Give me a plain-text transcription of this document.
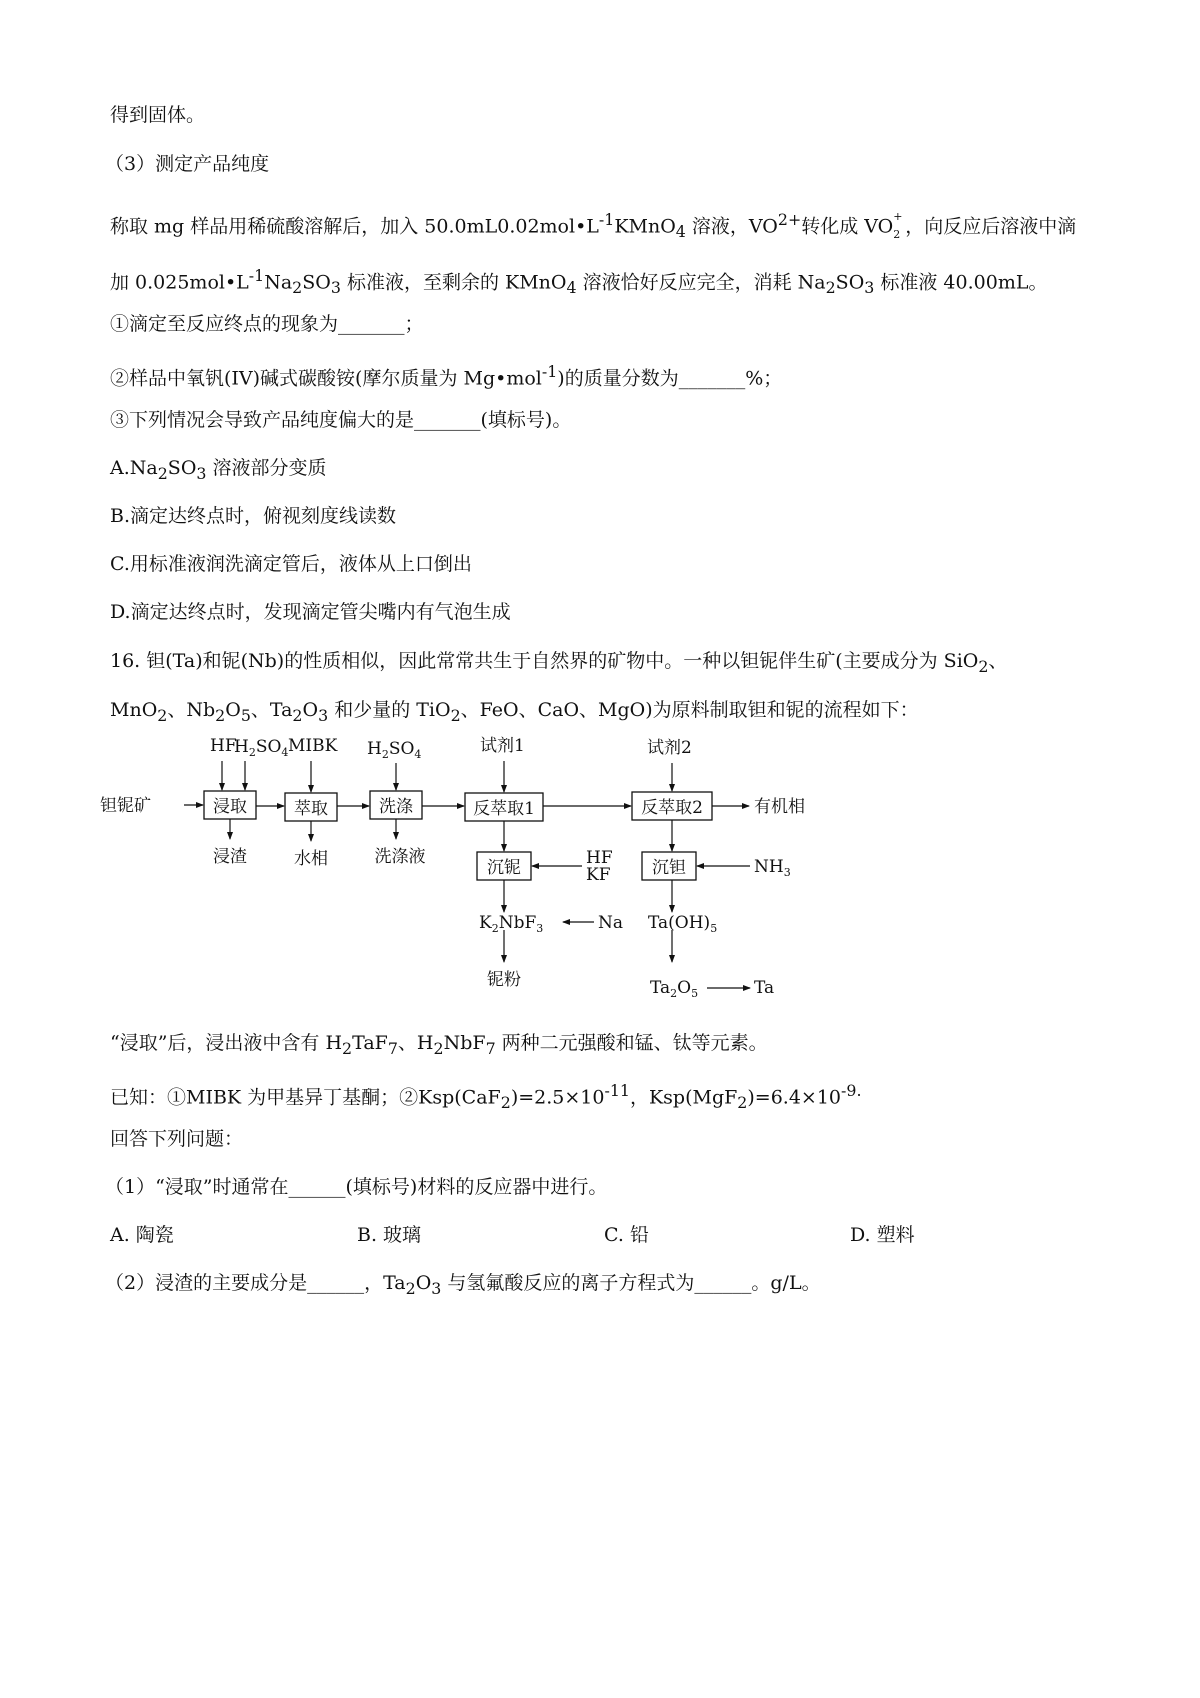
得到固体。
（3）测定产品纯度
称取 mg 样品用稀硫酸溶解后，加入 $50.0mL0.02mol•L^{-1}KMnO_4$ 溶液，$VO^{2+}$转化成 VO +
2 ，向反应后溶液中滴
加 $0.025mol•L^{-1}Na_2SO_3$ 标准液，至剩余的 KMnO$_4$ 溶液恰好反应完全，消耗 $Na_2SO_3$ 标准液 40.00mL。
①滴定至反应终点的现象为_______；
②样品中氧钒(IV)碱式碳酸铵(摩尔质量为 Mg•mol$^{-1}$)的质量分数为_______%；
③下列情况会导致产品纯度偏大的是_______(填标号)。
$A.Na_2SO_3$ 溶液部分变质
B.滴定达终点时，俯视刻度线读数
C.用标准液润洗滴定管后，液体从上口倒出
D.滴定达终点时，发现滴定管尖嘴内有气泡生成
16. 钽(Ta)和铌(Nb)的性质相似，因此常常共生于自然界的矿物中。一种以钽铌伴生矿(主要成分为 SiO$_2$、
MnO$_2$、$Nb_2O_5$、$Ta_2O_3$ 和少量的 TiO$_2$、FeO、CaO、MgO)为原料制取钽和铌的流程如下：
钽铌矿
HF
$H_2SO_4$ MIBK $H_2SO_4$	试剂1	试剂2
浸取	萃取	洗涤	反萃取1	反萃取2	有机相
浸渣	水相	洗涤液
沉铌	沉钽
HF
KF	$NH_3$
$K_2NbF_3$	Na $Ta(OH)_5$
铌粉	$Ta_2O_5$	Ta
“浸取”后，浸出液中含有 $H_2TaF_7$、$H_2NbF_7$ 两种二元强酸和锰、钛等元素。
已知：①MIBK 为甲基异丁基酮；$②Ksp(CaF_2)=2.5\times 10^{-11}$，$Ksp(MgF_2)=6.4\times 10^{-9.}$
回答下列问题：
（1）“浸取”时通常在______(填标号)材料的反应器中进行。
A. 陶瓷	B. 玻璃	C. 铅	D. 塑料
（2）浸渣的主要成分是______，$Ta_2O_3$ 与氢氟酸反应的离子方程式为______。g/L。
